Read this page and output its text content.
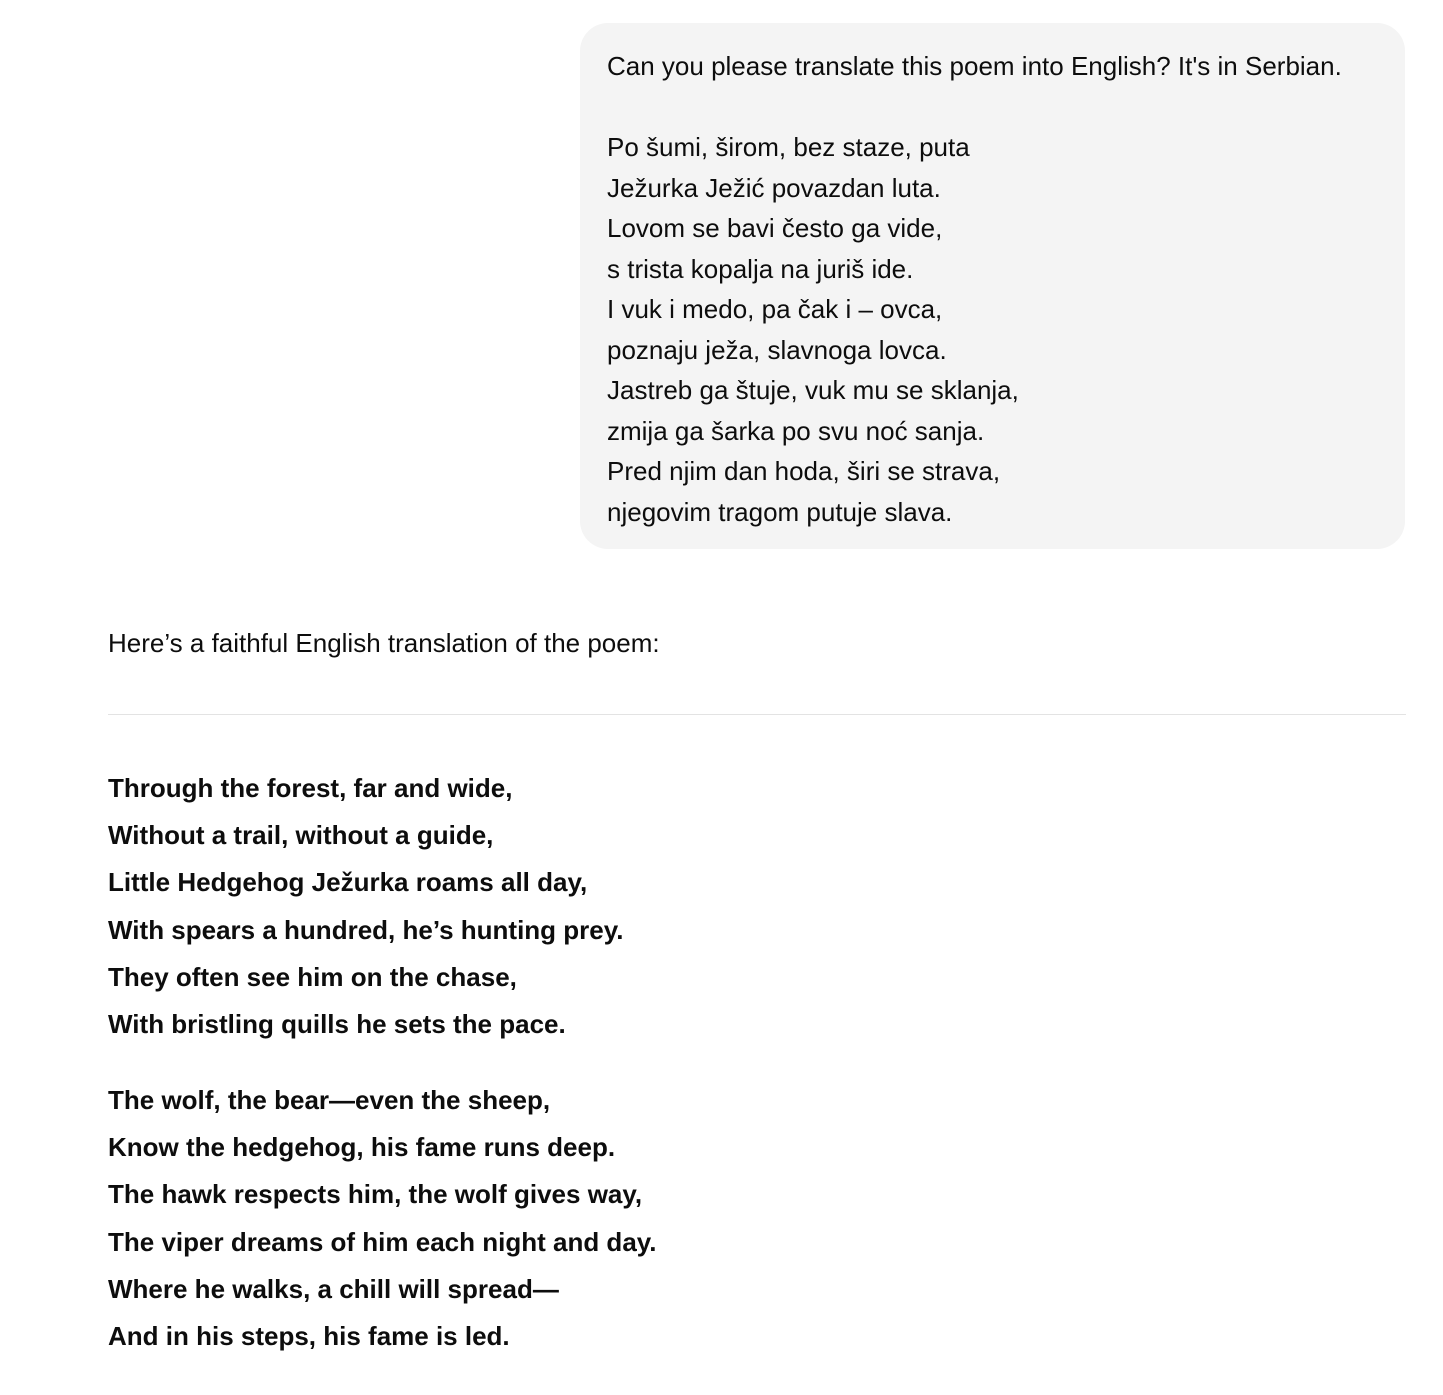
Can you please translate this poem into English? It's in Serbian.
Po šumi, širom, bez staze, puta
Ježurka Ježić povazdan luta.
Lovom se bavi često ga vide,
s trista kopalja na juriš ide.
I vuk i medo, pa čak i – ovca,
poznaju ježa, slavnoga lovca.
Jastreb ga štuje, vuk mu se sklanja,
zmija ga šarka po svu noć sanja.
Pred njim dan hoda, širi se strava,
njegovim tragom putuje slava.
Here’s a faithful English translation of the poem:
Through the forest, far and wide,
Without a trail, without a guide,
Little Hedgehog Ježurka roams all day,
With spears a hundred, he’s hunting prey.
They often see him on the chase,
With bristling quills he sets the pace.
The wolf, the bear—even the sheep,
Know the hedgehog, his fame runs deep.
The hawk respects him, the wolf gives way,
The viper dreams of him each night and day.
Where he walks, a chill will spread—
And in his steps, his fame is led.
